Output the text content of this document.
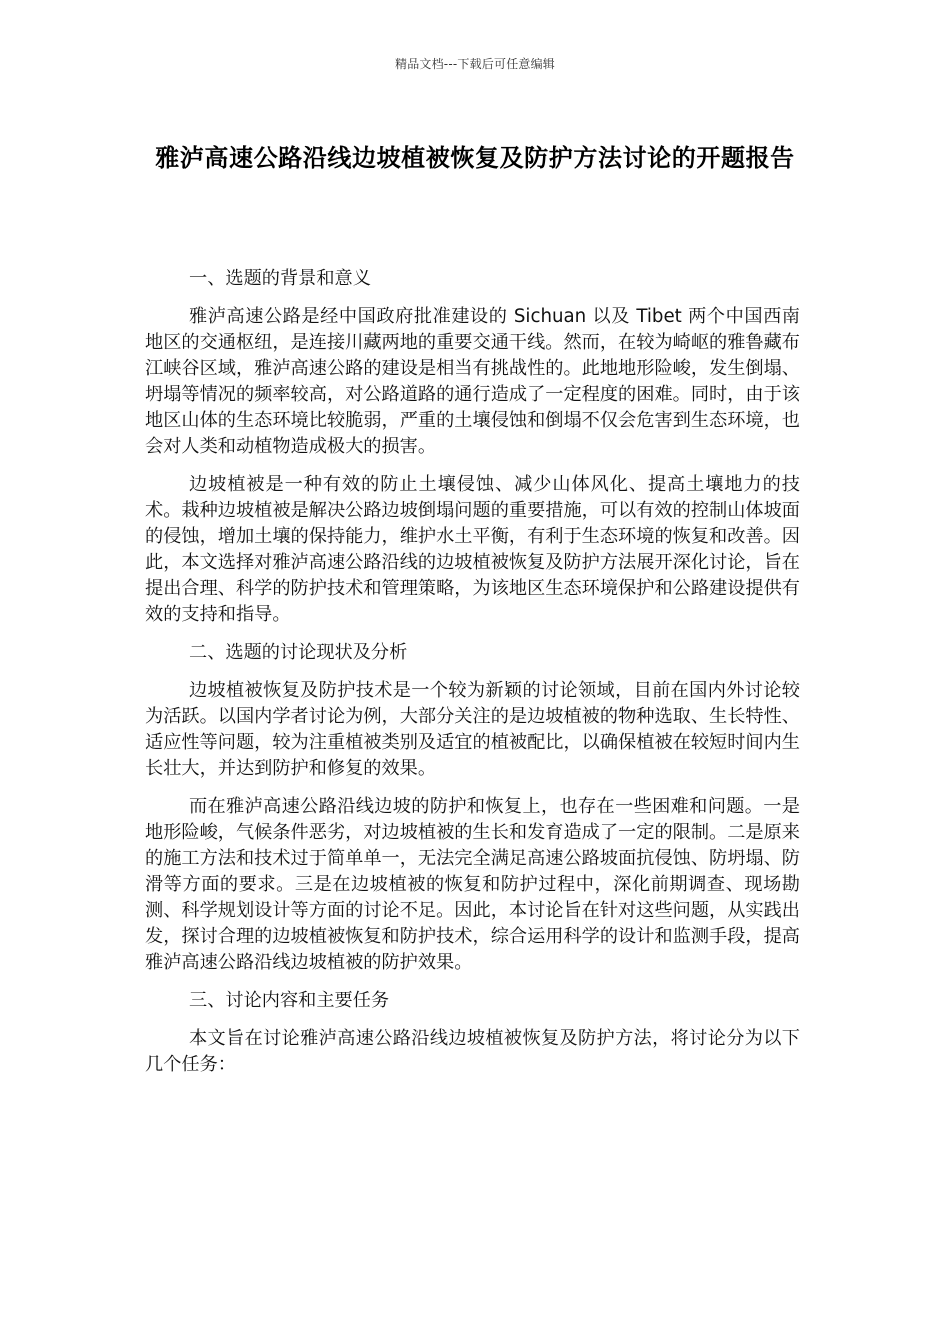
精品文档---下载后可任意编辑
雅泸高速公路沿线边坡植被恢复及防护方法讨论的开题报告
一、选题的背景和意义

雅泸高速公路是经中国政府批准建设的 Sichuan 以及 Tibet 两个中国西南地区的交通枢纽，是连接川藏两地的重要交通干线。然而，在较为崎岖的雅鲁藏布江峡谷区域，雅泸高速公路的建设是相当有挑战性的。此地地形险峻，发生倒塌、坍塌等情况的频率较高，对公路道路的通行造成了一定程度的困难。同时，由于该地区山体的生态环境比较脆弱，严重的土壤侵蚀和倒塌不仅会危害到生态环境，也会对人类和动植物造成极大的损害。

边坡植被是一种有效的防止土壤侵蚀、减少山体风化、提高土壤地力的技术。栽种边坡植被是解决公路边坡倒塌问题的重要措施，可以有效的控制山体坡面的侵蚀，增加土壤的保持能力，维护水土平衡，有利于生态环境的恢复和改善。因此，本文选择对雅泸高速公路沿线的边坡植被恢复及防护方法展开深化讨论，旨在提出合理、科学的防护技术和管理策略，为该地区生态环境保护和公路建设提供有效的支持和指导。

二、选题的讨论现状及分析

边坡植被恢复及防护技术是一个较为新颖的讨论领域，目前在国内外讨论较为活跃。以国内学者讨论为例，大部分关注的是边坡植被的物种选取、生长特性、适应性等问题，较为注重植被类别及适宜的植被配比，以确保植被在较短时间内生长壮大，并达到防护和修复的效果。

而在雅泸高速公路沿线边坡的防护和恢复上，也存在一些困难和问题。一是地形险峻，气候条件恶劣，对边坡植被的生长和发育造成了一定的限制。二是原来的施工方法和技术过于简单单一，无法完全满足高速公路坡面抗侵蚀、防坍塌、防滑等方面的要求。三是在边坡植被的恢复和防护过程中，深化前期调查、现场勘测、科学规划设计等方面的讨论不足。因此，本讨论旨在针对这些问题，从实践出发，探讨合理的边坡植被恢复和防护技术，综合运用科学的设计和监测手段，提高雅泸高速公路沿线边坡植被的防护效果。

三、讨论内容和主要任务

本文旨在讨论雅泸高速公路沿线边坡植被恢复及防护方法，将讨论分为以下几个任务：
